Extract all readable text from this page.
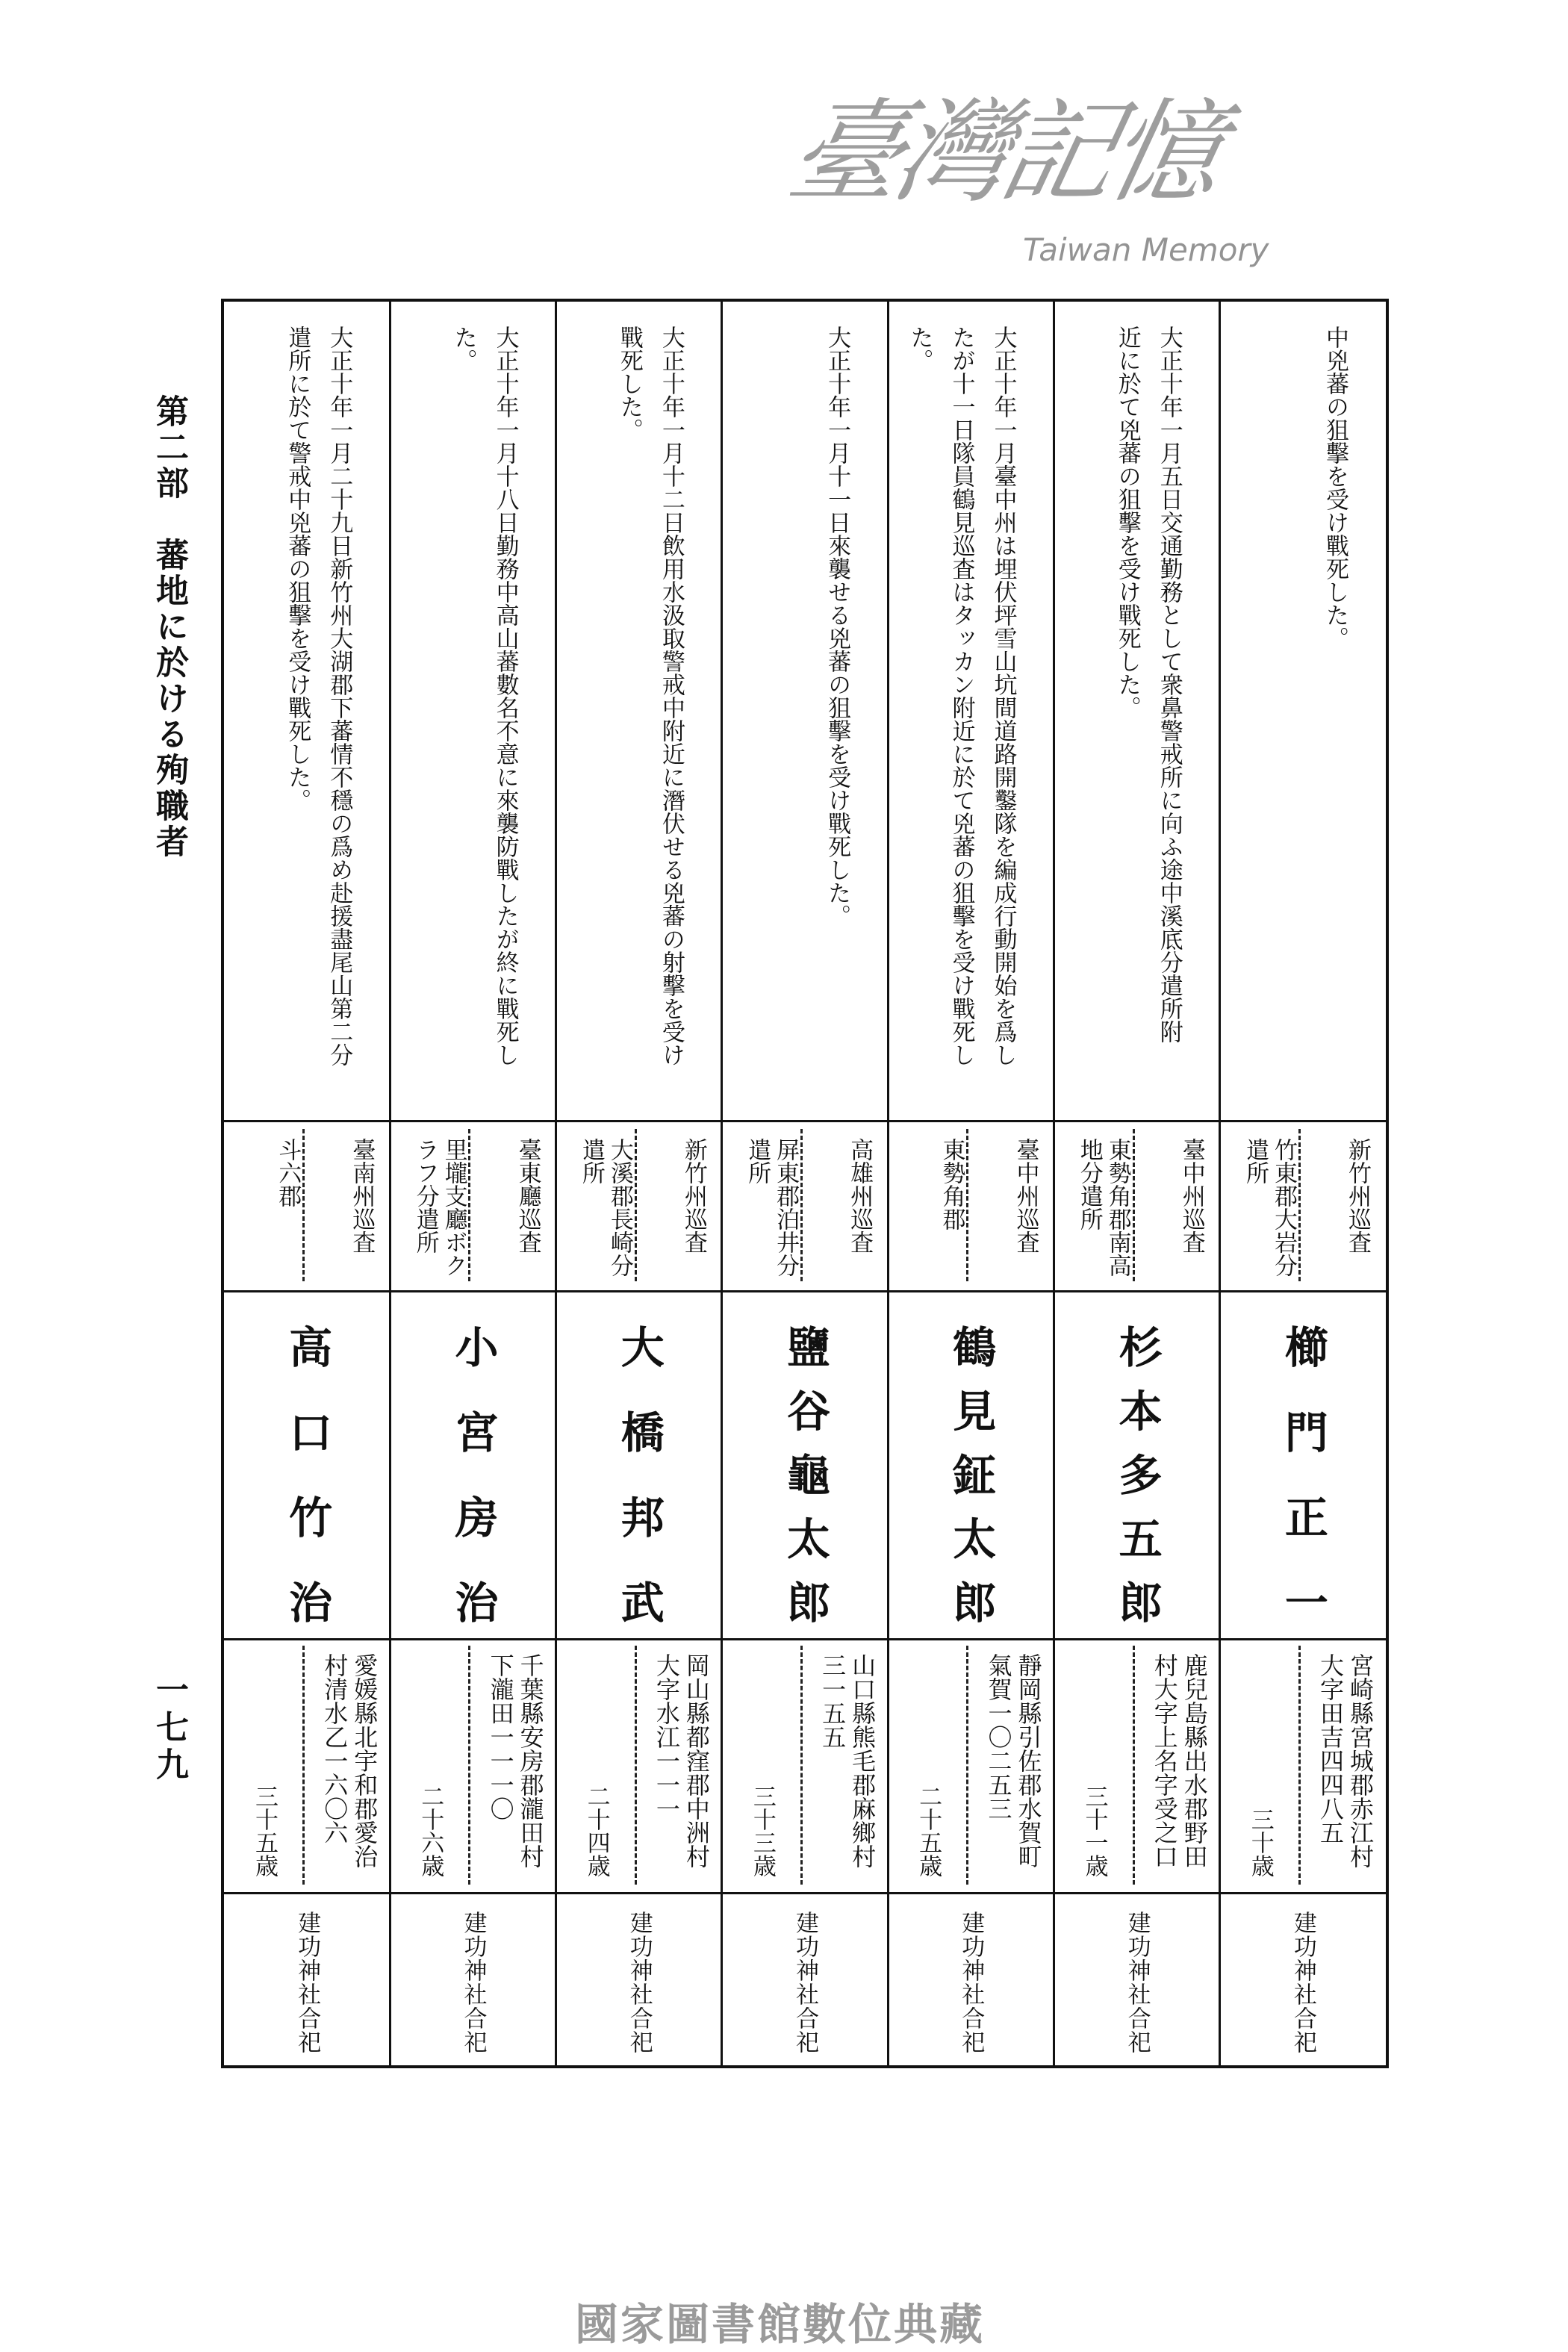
第二部　蕃地に於ける殉職者
一七九
中兇蕃の狙擊を受け戰死した。
新竹州巡査
竹東郡大岩分
遣所
櫛門正一
宮崎縣宮城郡赤江村
大字田吉四四八五
三十歳
建功神社合祀
大正十年一月五日交通勤務として衆鼻警戒所に向ふ途中溪底分遣所附
近に於て兇蕃の狙擊を受け戰死した。
臺中州巡査
東勢角郡南高
地分遣所
杉本多五郎
鹿兒島縣出水郡野田
村大字上名字受之口
三十一歳
建功神社合祀
大正十年一月臺中州は埋伏坪雪山坑間道路開鑿隊を編成行動開始を爲し
たが十一日隊員鶴見巡査はタッカン附近に於て兇蕃の狙擊を受け戰死し
た。
臺中州巡査
東勢角郡
鶴見鉦太郎
靜岡縣引佐郡水賀町
氣賀一〇二五三
二十五歳
建功神社合祀
大正十年一月十一日來襲せる兇蕃の狙擊を受け戰死した。
高雄州巡査
屏東郡泊井分
遣所
鹽谷龜太郎
山口縣熊毛郡麻鄉村
三一五五
三十三歳
建功神社合祀
大正十年一月十二日飲用水汲取警戒中附近に潛伏せる兇蕃の射擊を受け
戰死した。
新竹州巡査
大溪郡長崎分
遣所
大橋邦武
岡山縣都窪郡中洲村
大字水江一一一
二十四歳
建功神社合祀
大正十年一月十八日勤務中高山蕃數名不意に來襲防戰したが終に戰死し
た。
臺東廳巡査
里壠支廳ボク
ラフ分遣所
小宮房治
千葉縣安房郡瀧田村
下瀧田一一一〇
二十六歳
建功神社合祀
大正十年一月二十九日新竹州大湖郡下蕃情不穩の爲め赴援盡尾山第二分
遣所に於て警戒中兇蕃の狙擊を受け戰死した。
臺南州巡査
斗六郡
高口竹治
愛媛縣北宇和郡愛治
村清水乙一六〇六
三十五歳
建功神社合祀
臺灣記憶
Taiwan Memory
國家圖書館數位典藏
